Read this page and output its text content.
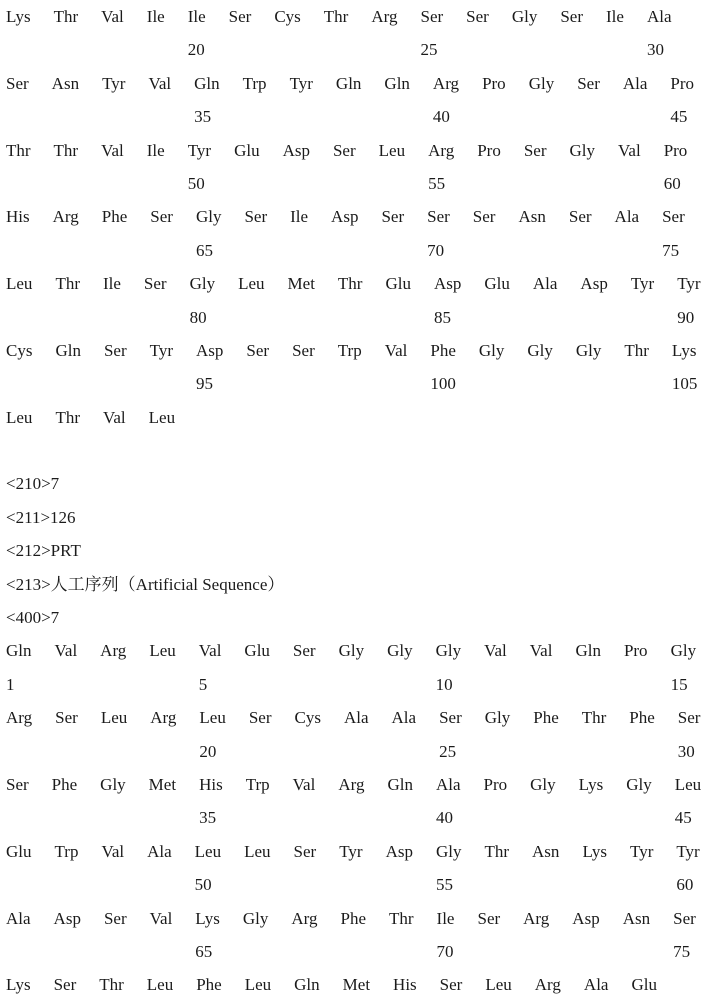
Lys Thr Val Ile Ile Ser Cys Thr Arg Ser Ser Gly Ser Ile Ala
20	25	30
Ser Asn Tyr Val Gln Trp Tyr Gln Gln Arg Pro Gly Ser Ala Pro
35	40	45
Thr Thr Val Ile Tyr Glu Asp Ser Leu Arg Pro Ser Gly Val Pro
50	55	60
His Arg Phe Ser Gly Ser Ile Asp Ser Ser Ser Asn Ser Ala Ser
65	70	75
Leu Thr Ile Ser Gly Leu Met Thr Glu Asp Glu Ala Asp Tyr Tyr
80	85	90
Cys Gln Ser Tyr Asp Ser Ser Trp Val Phe Gly Gly Gly Thr Lys
95	100	105
Leu Thr Val Leu
<210>7
<211>126
<212>PRT
<213>人工序列（Artificial Sequence）
<400>7
Gln Val Arg Leu Val Glu Ser Gly Gly Gly Val Val Gln Pro Gly
1	5	10	15
Arg Ser Leu Arg Leu Ser Cys Ala Ala Ser Gly Phe Thr Phe Ser
20	25	30
Ser Phe Gly Met His Trp Val Arg Gln Ala Pro Gly Lys Gly Leu
35	40	45
Glu Trp Val Ala Leu Leu Ser Tyr Asp Gly Thr Asn Lys Tyr Tyr
50	55	60
Ala Asp Ser Val Lys Gly Arg Phe Thr Ile Ser Arg Asp Asn Ser
65	70	75
Lys Ser Thr Leu Phe Leu Gln Met His Ser Leu Arg Ala Glu
